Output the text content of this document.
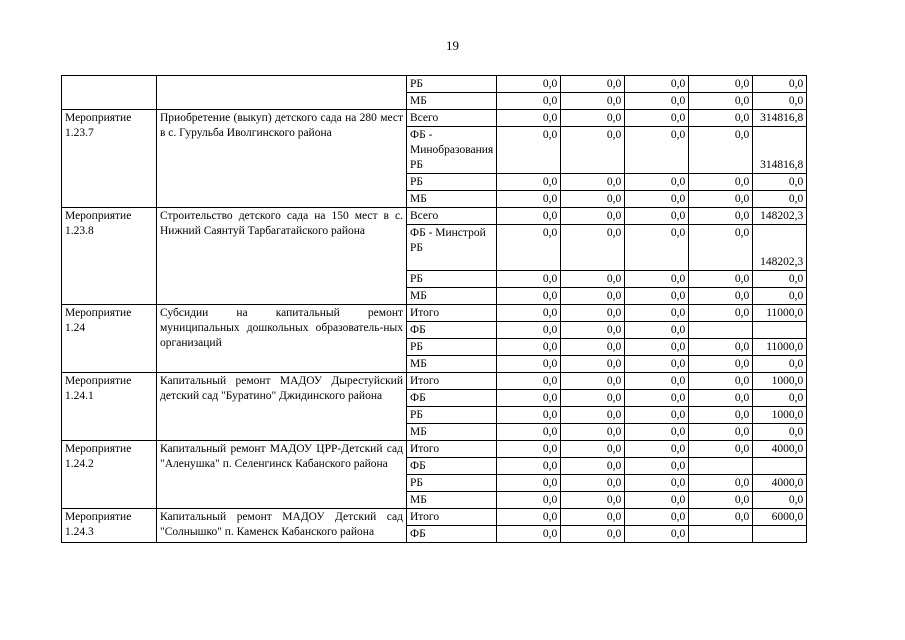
19
		РБ	0,0	0,0	0,0	0,0	0,0
		МБ	0,0	0,0	0,0	0,0	0,0
Мероприятие 1.23.7	Приобретение (выкуп) детского сада на 280 мест в с. Гурульба Иволгинского района	Всего	0,0	0,0	0,0	0,0	314816,8
		ФБ - Минобразования РБ	0,0	0,0	0,0	0,0	314816,8
		РБ	0,0	0,0	0,0	0,0	0,0
		МБ	0,0	0,0	0,0	0,0	0,0
Мероприятие 1.23.8	Строительство детского сада на 150 мест в с. Нижний Саянтуй Тарбагатайского района	Всего	0,0	0,0	0,0	0,0	148202,3
		ФБ - Минстрой РБ	0,0	0,0	0,0	0,0	148202,3
		РБ	0,0	0,0	0,0	0,0	0,0
		МБ	0,0	0,0	0,0	0,0	0,0
Мероприятие 1.24	Субсидии на капитальный ремонт муниципальных дошкольных образователь-ных организаций	Итого	0,0	0,0	0,0	0,0	11000,0
		ФБ	0,0	0,0	0,0		
		РБ	0,0	0,0	0,0	0,0	11000,0
		МБ	0,0	0,0	0,0	0,0	0,0
Мероприятие 1.24.1	Капитальный ремонт МАДОУ Дырестуйский детский сад "Буратино" Джидинского района	Итого	0,0	0,0	0,0	0,0	1000,0
		ФБ	0,0	0,0	0,0	0,0	0,0
		РБ	0,0	0,0	0,0	0,0	1000,0
		МБ	0,0	0,0	0,0	0,0	0,0
Мероприятие 1.24.2	Капитальный ремонт МАДОУ ЦРР-Детский сад "Аленушка" п. Селенгинск Кабанского района	Итого	0,0	0,0	0,0	0,0	4000,0
		ФБ	0,0	0,0	0,0		
		РБ	0,0	0,0	0,0	0,0	4000,0
		МБ	0,0	0,0	0,0	0,0	0,0
Мероприятие 1.24.3	Капитальный ремонт МАДОУ Детский сад "Солнышко" п. Каменск Кабанского района	Итого	0,0	0,0	0,0	0,0	6000,0
		ФБ	0,0	0,0	0,0		
